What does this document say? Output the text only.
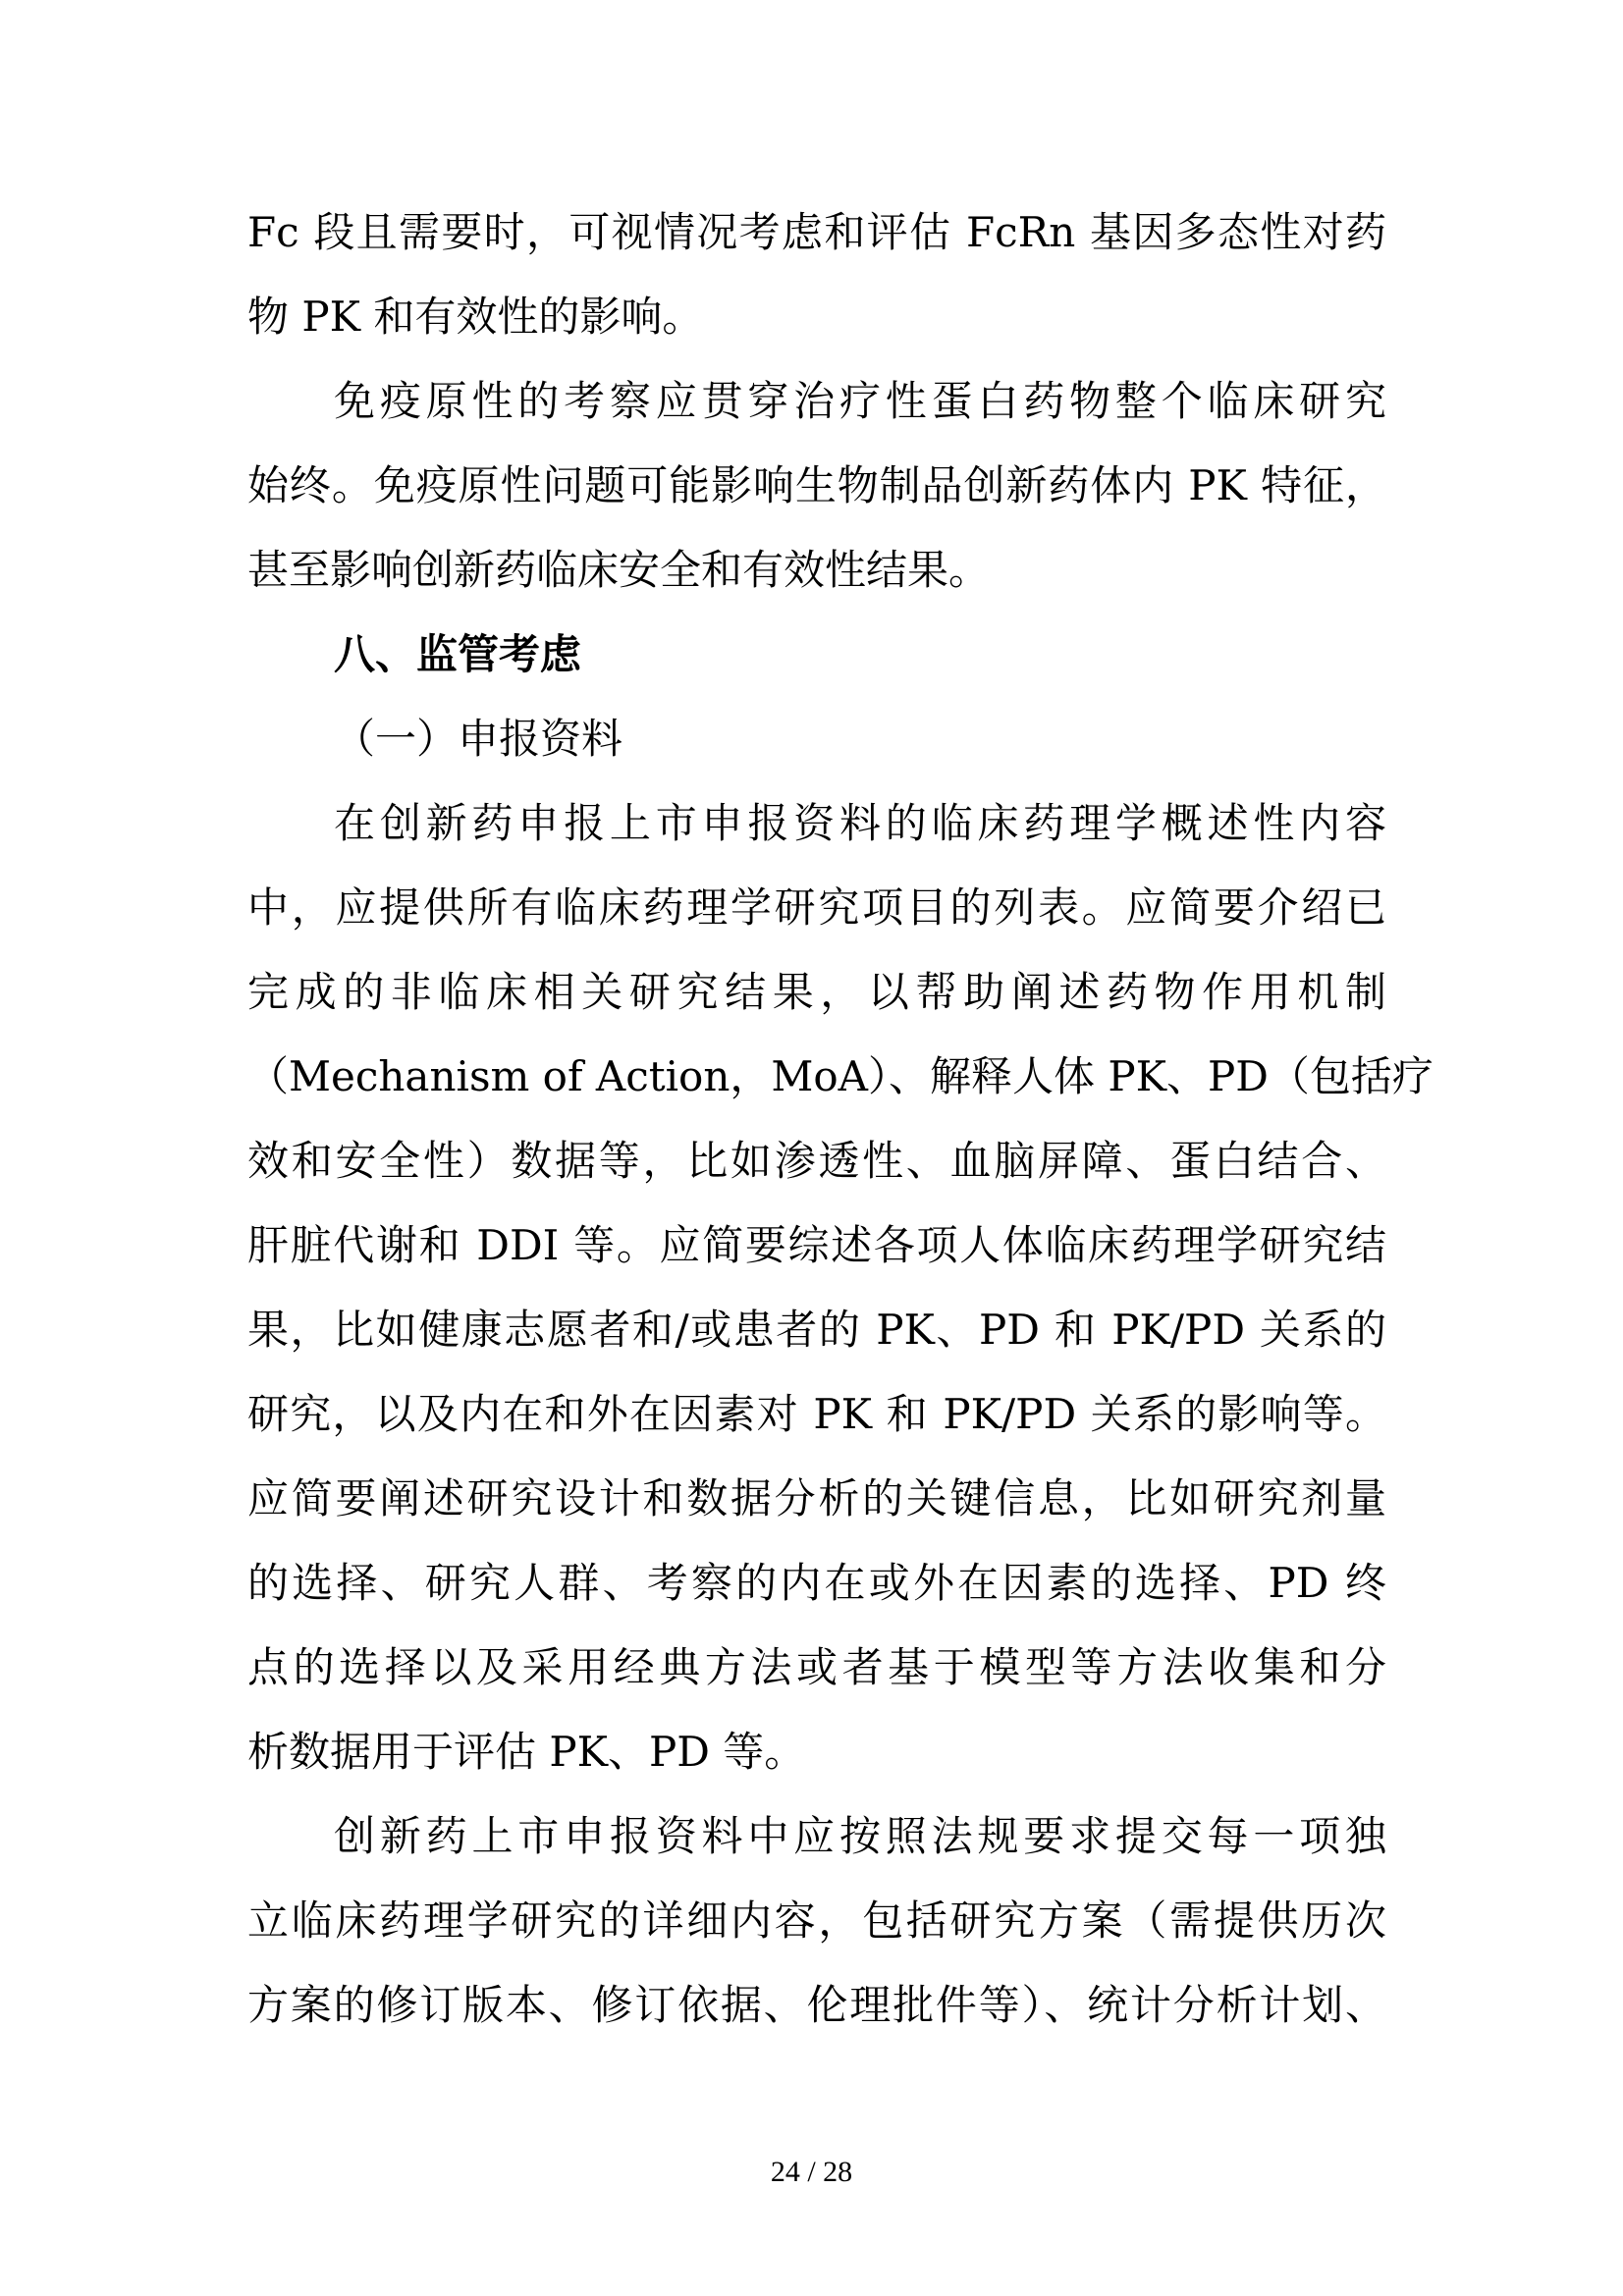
Fc 段且需要时，可视情况考虑和评估 FcRn 基因多态性对药
物 PK 和有效性的影响。
免疫原性的考察应贯穿治疗性蛋白药物整个临床研究
始终。免疫原性问题可能影响生物制品创新药体内 PK 特征，
甚至影响创新药临床安全和有效性结果。
八、监管考虑
（一）申报资料
在创新药申报上市申报资料的临床药理学概述性内容
中，应提供所有临床药理学研究项目的列表。应简要介绍已
完成的非临床相关研究结果，以帮助阐述药物作用机制
（Mechanism of Action，MoA）、解释人体 PK、PD（包括疗
效和安全性）数据等，比如渗透性、血脑屏障、蛋白结合、
肝脏代谢和 DDI 等。应简要综述各项人体临床药理学研究结
果，比如健康志愿者和/或患者的 PK、PD 和 PK/PD 关系的
研究，以及内在和外在因素对 PK 和 PK/PD 关系的影响等。
应简要阐述研究设计和数据分析的关键信息，比如研究剂量
的选择、研究人群、考察的内在或外在因素的选择、PD 终
点的选择以及采用经典方法或者基于模型等方法收集和分
析数据用于评估 PK、PD 等。
创新药上市申报资料中应按照法规要求提交每一项独
立临床药理学研究的详细内容，包括研究方案（需提供历次
方案的修订版本、修订依据、伦理批件等）、统计分析计划、
24 / 28
